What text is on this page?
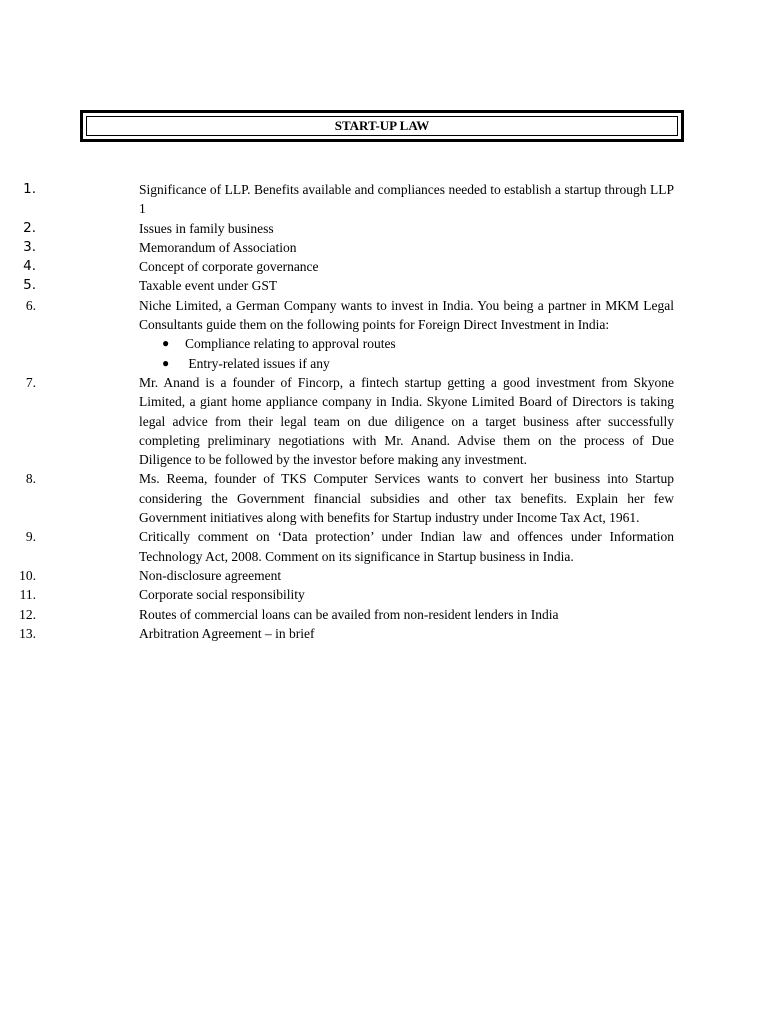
START-UP LAW
1.	Significance of LLP. Benefits available and compliances needed to establish a startup through LLP 1
2.	Issues in family business
3.	Memorandum of Association
4.	Concept of corporate governance
5.	Taxable event under GST
6.	Niche Limited, a German Company wants to invest in India. You being a partner in MKM Legal Consultants guide them on the following points for Foreign Direct Investment in India:
● Compliance relating to approval routes
● Entry-related issues if any
7.	Mr. Anand is a founder of Fincorp, a fintech startup getting a good investment from Skyone Limited, a giant home appliance company in India. Skyone Limited Board of Directors is taking legal advice from their legal team on due diligence on a target business after successfully completing preliminary negotiations with Mr. Anand. Advise them on the process of Due Diligence to be followed by the investor before making any investment.
8.	Ms. Reema, founder of TKS Computer Services wants to convert her business into Startup considering the Government financial subsidies and other tax benefits. Explain her few Government initiatives along with benefits for Startup industry under Income Tax Act, 1961.
9.	Critically comment on ‘Data protection’ under Indian law and offences under Information Technology Act, 2008. Comment on its significance in Startup business in India.
10.	Non-disclosure agreement
11.	Corporate social responsibility
12.	Routes of commercial loans can be availed from non-resident lenders in India
13.	Arbitration Agreement – in brief
